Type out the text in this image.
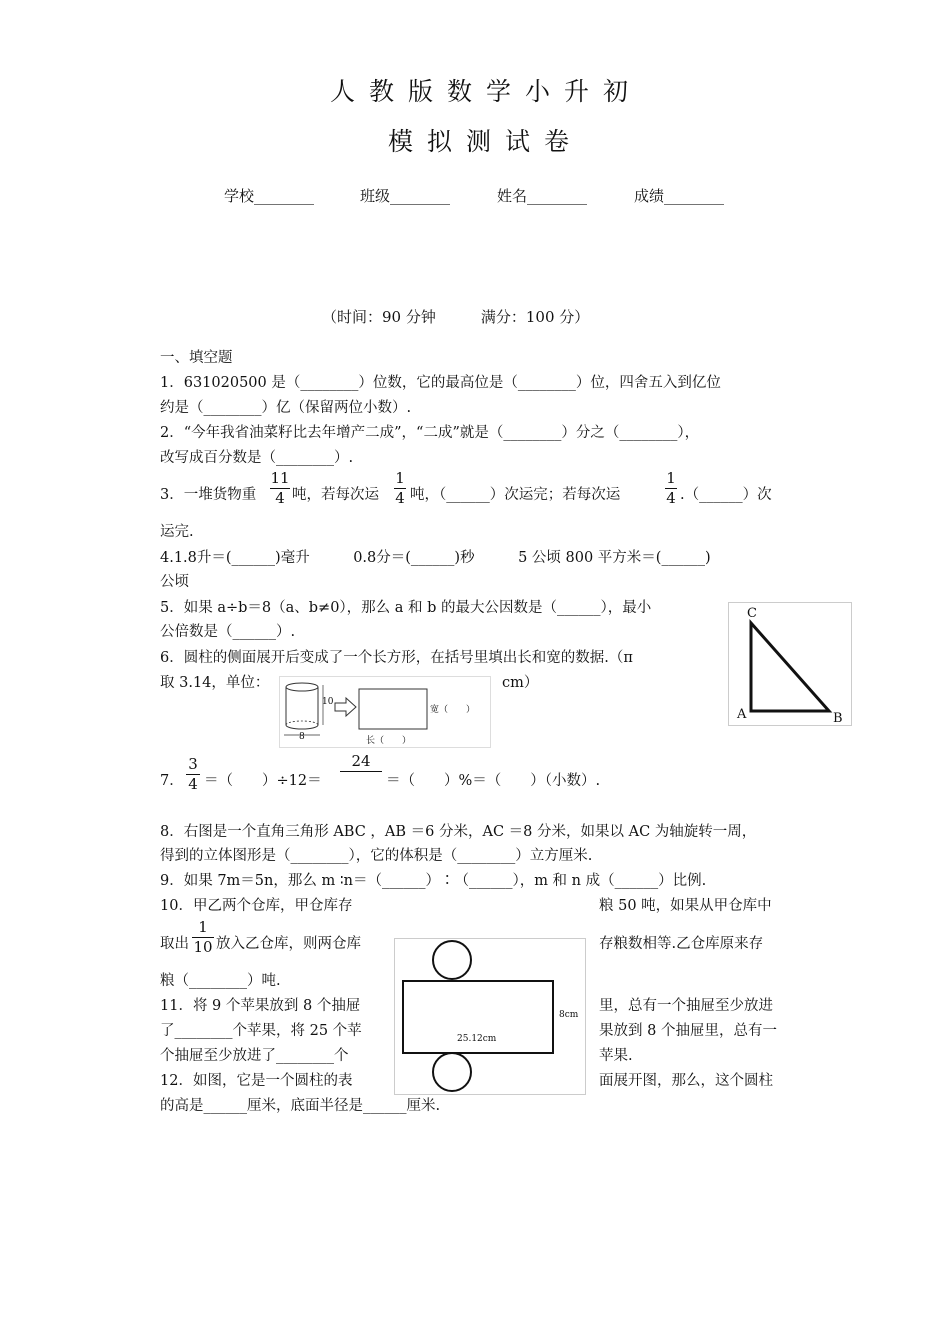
人教版数学小升初
模拟测试卷
学校________	班级________	姓名________	成绩________
（时间：90 分钟　　　满分：100 分）
一、填空题
1．631020500 是（________）位数，它的最高位是（________）位，四舍五入到亿位
约是（________）亿（保留两位小数）.
2．“今年我省油菜籽比去年增产二成”，“二成”就是（________）分之（________），
改写成百分数是（________）.
3．一堆货物重
11
4 吨，若每次运
1
4 吨，（______）次运完；若每次运
1
4 .（______）次
运完.
4.1.8升＝(______)毫升　　　0.8分＝(______)秒　　　5 公顷 800 平方米＝(______)
公顷
5．如果 a÷b＝8（a、b≠0），那么 a 和 b 的最大公因数是（______），最小
公倍数是（______）.
C
A	B
6．圆柱的侧面展开后变成了一个长方形，在括号里填出长和宽的数据.（π
取 3.14，单位：	cm）
10
8
宽（　　）
长（　　）
7．
3
4 ＝（　　）÷12＝
24
＝（　　）%＝（　　）（小数）.
8．右图是一个直角三角形 ABC ，AB ＝6 分米，AC ＝8 分米，如果以 AC 为轴旋转一周，
得到的立体图形是（________），它的体积是（________）立方厘米.
9．如果 7m＝5n，那么 m ∶n＝（______）∶（______），m 和 n 成（______）比例.
10．甲乙两个仓库，甲仓库存	粮 50 吨，如果从甲仓库中
取出
1
10 放入乙仓库，则两仓库	存粮数相等.乙仓库原来存
粮（________）吨.
8cm
25.12cm
11．将 9 个苹果放到 8 个抽屉	里，总有一个抽屉至少放进
了________个苹果，将 25 个苹	果放到 8 个抽屉里，总有一
个抽屉至少放进了________个	苹果.
12．如图，它是一个圆柱的表	面展开图，那么，这个圆柱
的高是______厘米，底面半径是______厘米.
